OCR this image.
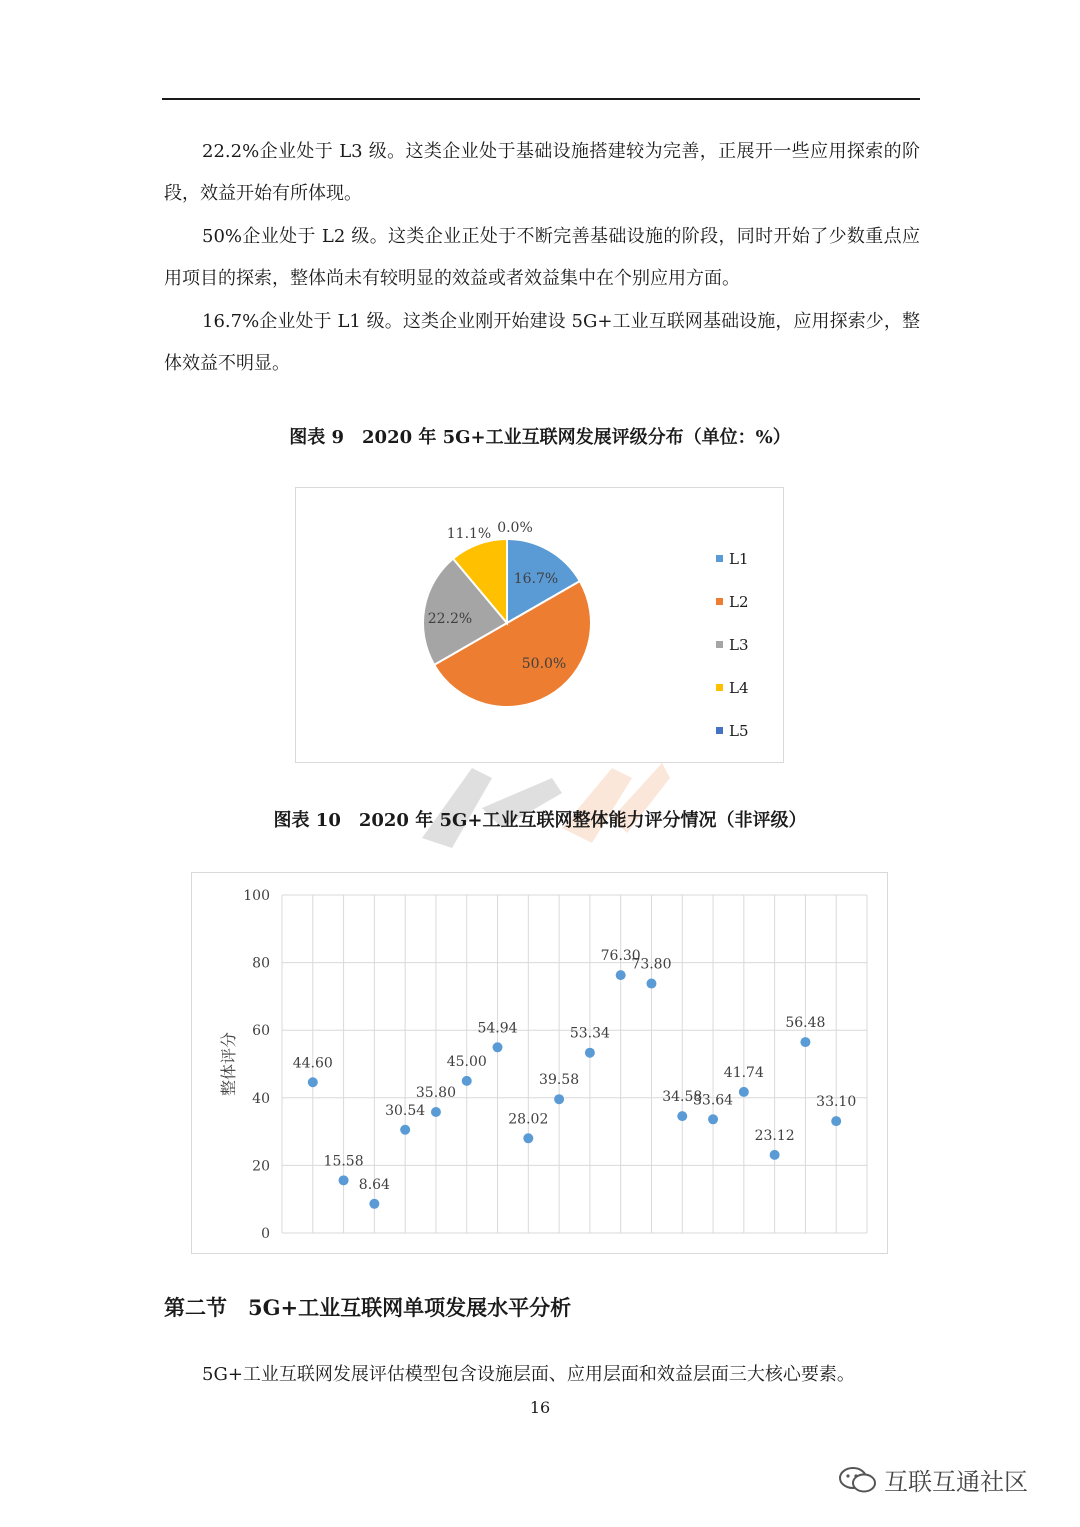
22.2%企业处于 L3 级。这类企业处于基础设施搭建较为完善，正展开一些应用探索的阶段，效益开始有所体现。

50%企业处于 L2 级。这类企业正处于不断完善基础设施的阶段，同时开始了少数重点应用项目的探索，整体尚未有较明显的效益或者效益集中在个别应用方面。

16.7%企业处于 L1 级。这类企业刚开始建设 5G+工业互联网基础设施，应用探索少，整体效益不明显。

图表 9　2020 年 5G+工业互联网发展评级分布（单位：%）

16.7%
50.0%
22.2%
11.1% 0.0%
L1
L2
L3
L4
L5

图表 10　2020 年 5G+工业互联网整体能力评分情况（非评级）

0
20
40
60
80
100
整体评分	44.60
15.58
8.64
30.54
35.80
45.00
54.94
28.02
39.58
53.34
76.30
73.80
34.58
33.64
41.74
23.12
56.48
33.10
第二节　5G+工业互联网单项发展水平分析

5G+工业互联网发展评估模型包含设施层面、应用层面和效益层面三大核心要素。

16
互联互通社区
